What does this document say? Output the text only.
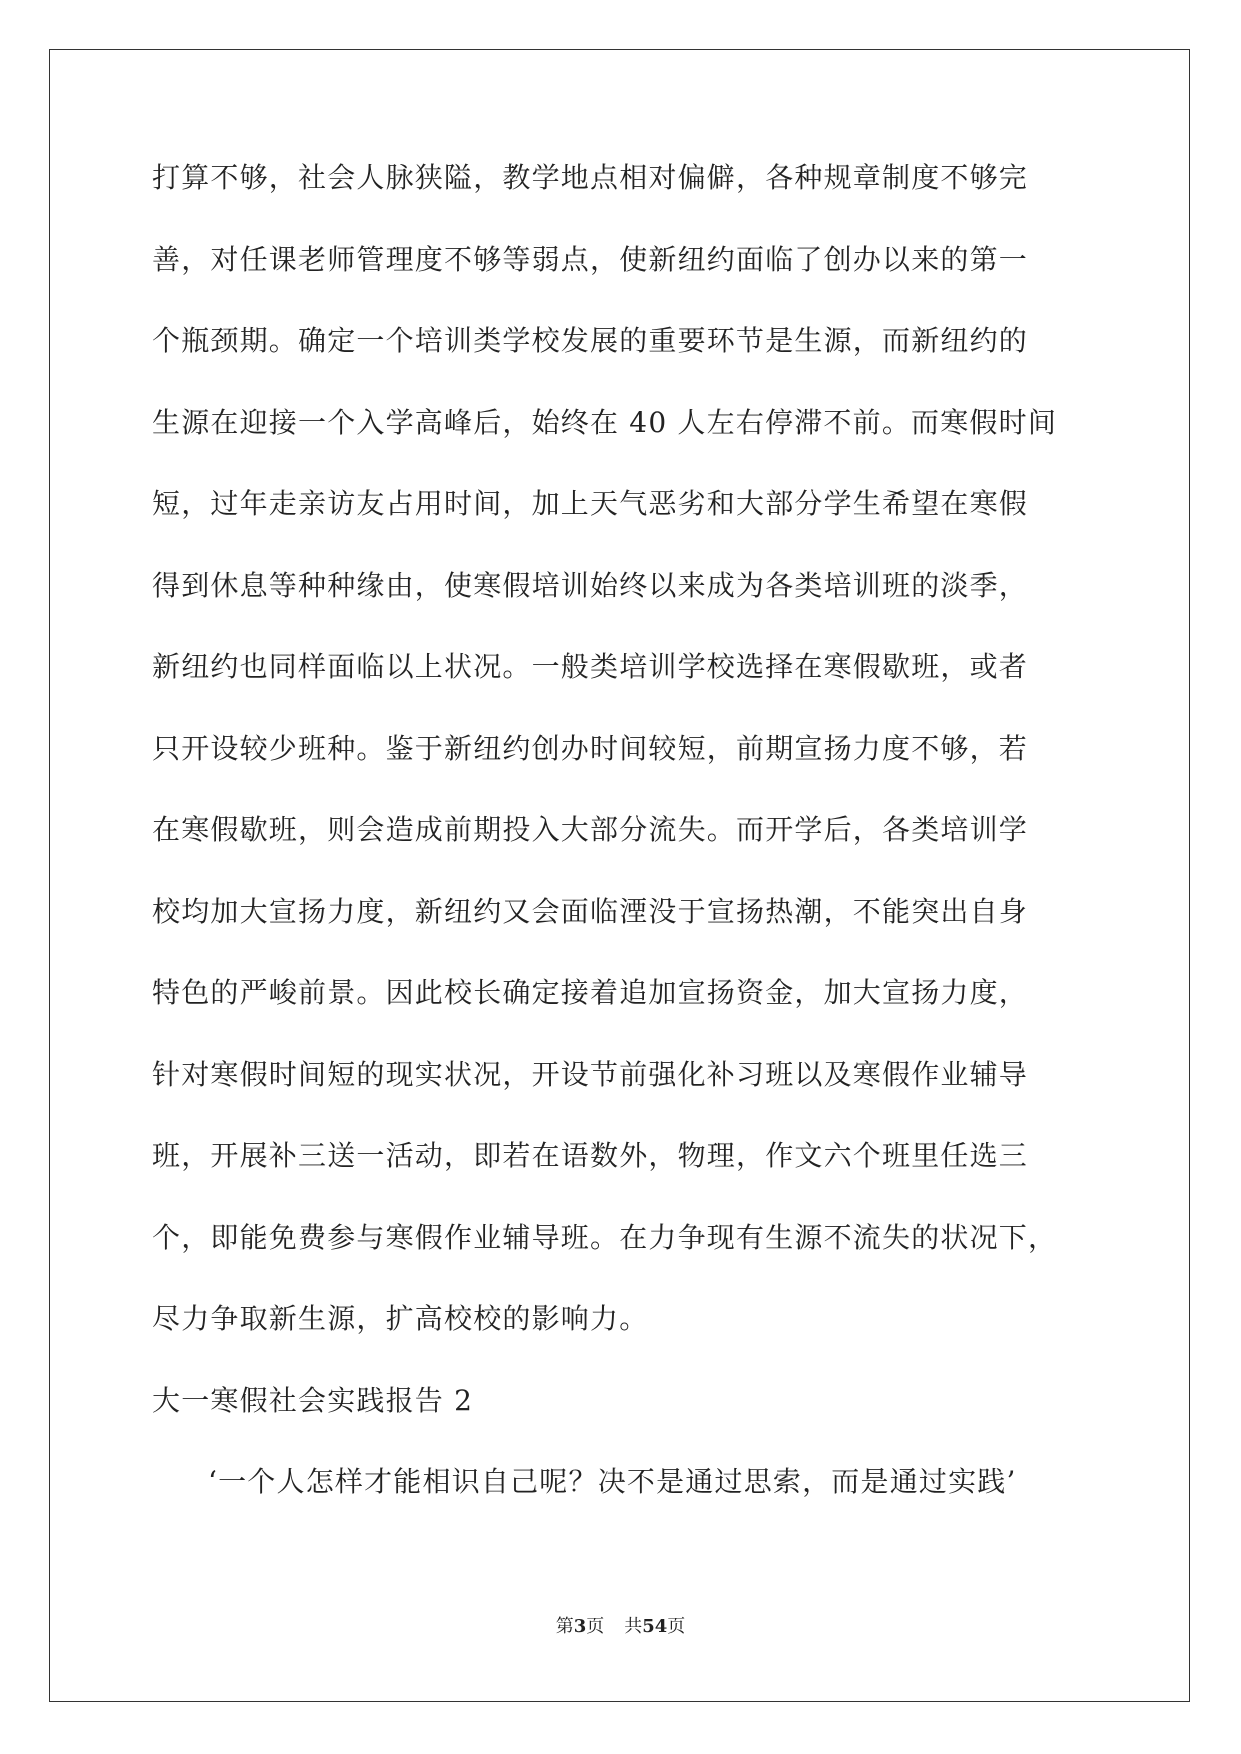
打算不够，社会人脉狭隘，教学地点相对偏僻，各种规章制度不够完
善，对任课老师管理度不够等弱点，使新纽约面临了创办以来的第一
个瓶颈期。确定一个培训类学校发展的重要环节是生源，而新纽约的
生源在迎接一个入学高峰后，始终在 40 人左右停滞不前。而寒假时间
短，过年走亲访友占用时间，加上天气恶劣和大部分学生希望在寒假
得到休息等种种缘由，使寒假培训始终以来成为各类培训班的淡季，
新纽约也同样面临以上状况。一般类培训学校选择在寒假歇班，或者
只开设较少班种。鉴于新纽约创办时间较短，前期宣扬力度不够，若
在寒假歇班，则会造成前期投入大部分流失。而开学后，各类培训学
校均加大宣扬力度，新纽约又会面临湮没于宣扬热潮，不能突出自身
特色的严峻前景。因此校长确定接着追加宣扬资金，加大宣扬力度，
针对寒假时间短的现实状况，开设节前强化补习班以及寒假作业辅导
班，开展补三送一活动，即若在语数外，物理，作文六个班里任选三
个，即能免费参与寒假作业辅导班。在力争现有生源不流失的状况下，
尽力争取新生源，扩高校校的影响力。
大一寒假社会实践报告 2
‘一个人怎样才能相识自己呢？决不是通过思索，而是通过实践’
第3页 共54页
